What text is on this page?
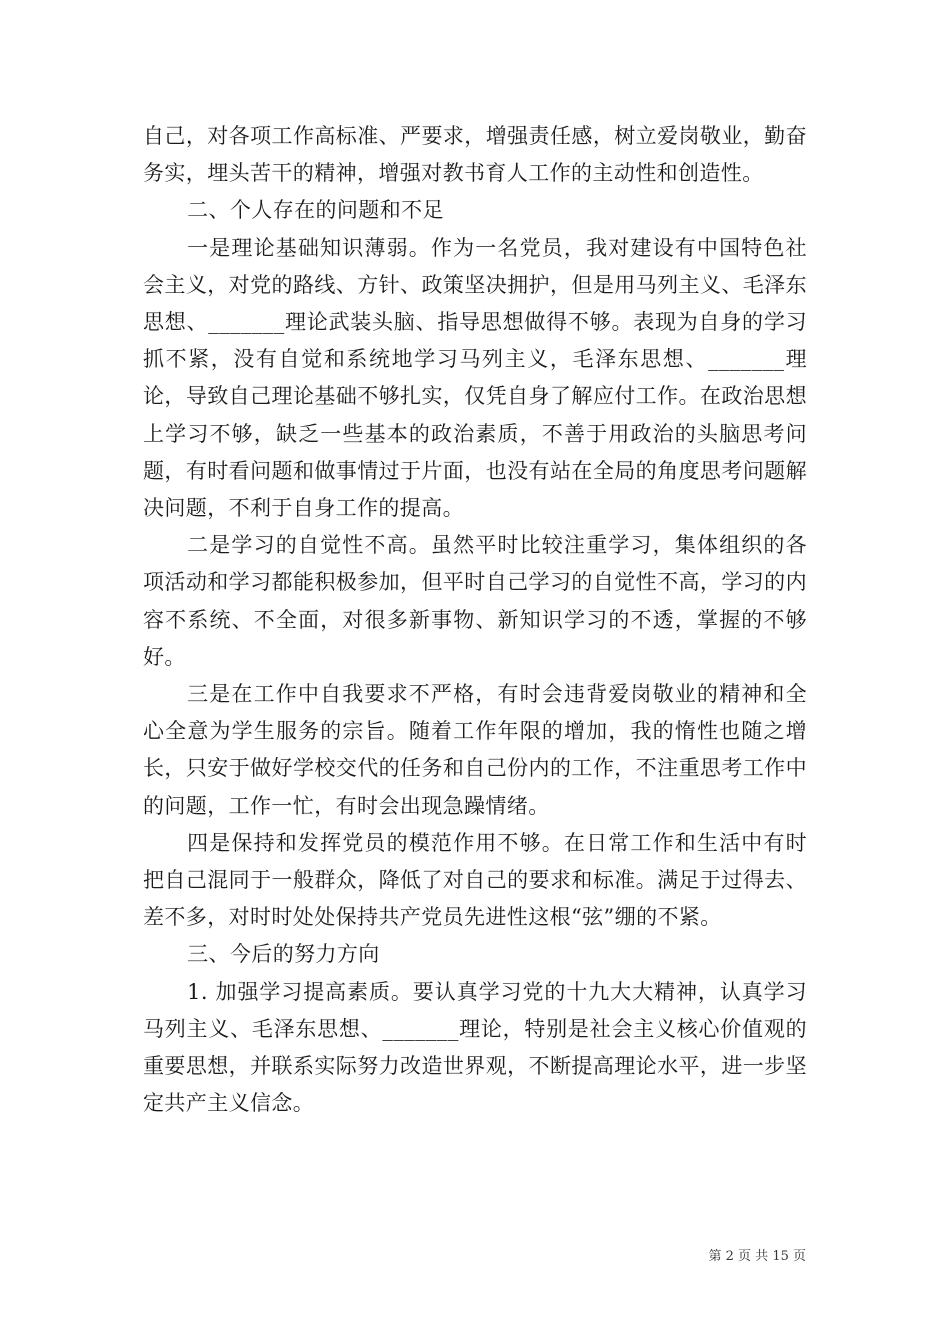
自己，对各项工作高标准、严要求，增强责任感，树立爱岗敬业，勤奋务实，埋头苦干的精神，增强对教书育人工作的主动性和创造性。

二、个人存在的问题和不足

一是理论基础知识薄弱。作为一名党员，我对建设有中国特色社会主义，对党的路线、方针、政策坚决拥护，但是用马列主义、毛泽东思想、_______理论武装头脑、指导思想做得不够。表现为自身的学习抓不紧，没有自觉和系统地学习马列主义，毛泽东思想、_______理论，导致自己理论基础不够扎实，仅凭自身了解应付工作。在政治思想上学习不够，缺乏一些基本的政治素质，不善于用政治的头脑思考问题，有时看问题和做事情过于片面，也没有站在全局的角度思考问题解决问题，不利于自身工作的提高。

二是学习的自觉性不高。虽然平时比较注重学习，集体组织的各项活动和学习都能积极参加，但平时自己学习的自觉性不高，学习的内容不系统、不全面，对很多新事物、新知识学习的不透，掌握的不够好。

三是在工作中自我要求不严格，有时会违背爱岗敬业的精神和全心全意为学生服务的宗旨。随着工作年限的增加，我的惰性也随之增长，只安于做好学校交代的任务和自己份内的工作，不注重思考工作中的问题，工作一忙，有时会出现急躁情绪。

四是保持和发挥党员的模范作用不够。在日常工作和生活中有时把自己混同于一般群众，降低了对自己的要求和标准。满足于过得去、差不多，对时时处处保持共产党员先进性这根“弦”绷的不紧。

三、今后的努力方向

1. 加强学习提高素质。要认真学习党的十九大大精神，认真学习马列主义、毛泽东思想、_______理论，特别是社会主义核心价值观的重要思想，并联系实际努力改造世界观，不断提高理论水平，进一步坚定共产主义信念。

第 2 页 共 15 页
